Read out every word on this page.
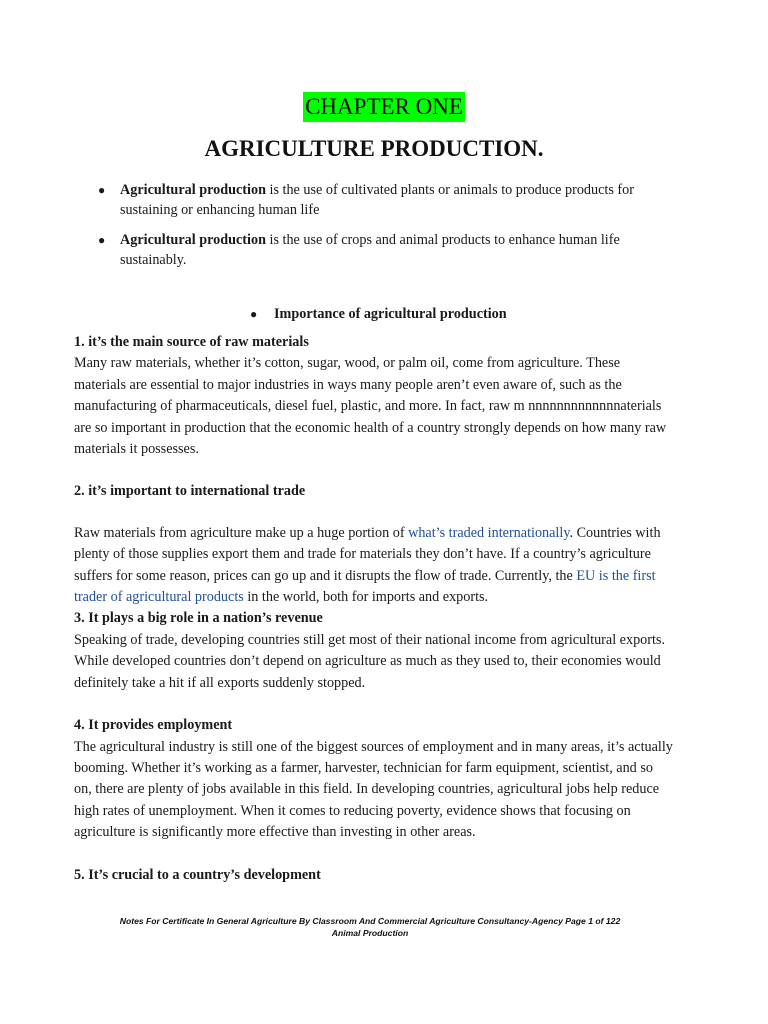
CHAPTER ONE
AGRICULTURE PRODUCTION.
● Agricultural production is the use of cultivated plants or animals to produce products for sustaining or enhancing human life
● Agricultural production is the use of crops and animal products to enhance human life sustainably.
● Importance of agricultural production
1. it’s the main source of raw materials

Many raw materials, whether it’s cotton, sugar, wood, or palm oil, come from agriculture. These materials are essential to major industries in ways many people aren’t even aware of, such as the manufacturing of pharmaceuticals, diesel fuel, plastic, and more. In fact, raw m nnnnnnnnnnnnnaterials are so important in production that the economic health of a country strongly depends on how many raw materials it possesses.

2. it’s important to international trade

Raw materials from agriculture make up a huge portion of what’s traded internationally. Countries with plenty of those supplies export them and trade for materials they don’t have. If a country’s agriculture suffers for some reason, prices can go up and it disrupts the flow of trade. Currently, the EU is the first trader of agricultural products in the world, both for imports and exports.

3. It plays a big role in a nation’s revenue

Speaking of trade, developing countries still get most of their national income from agricultural exports. While developed countries don’t depend on agriculture as much as they used to, their economies would definitely take a hit if all exports suddenly stopped.

4. It provides employment

The agricultural industry is still one of the biggest sources of employment and in many areas, it’s actually booming. Whether it’s working as a farmer, harvester, technician for farm equipment, scientist, and so on, there are plenty of jobs available in this field. In developing countries, agricultural jobs help reduce high rates of unemployment. When it comes to reducing poverty, evidence shows that focusing on agriculture is significantly more effective than investing in other areas.

5. It’s crucial to a country’s development
Notes For Certificate In General Agriculture By Classroom And Commercial Agriculture Consultancy-Agency Page 1 of 122
Animal Production
